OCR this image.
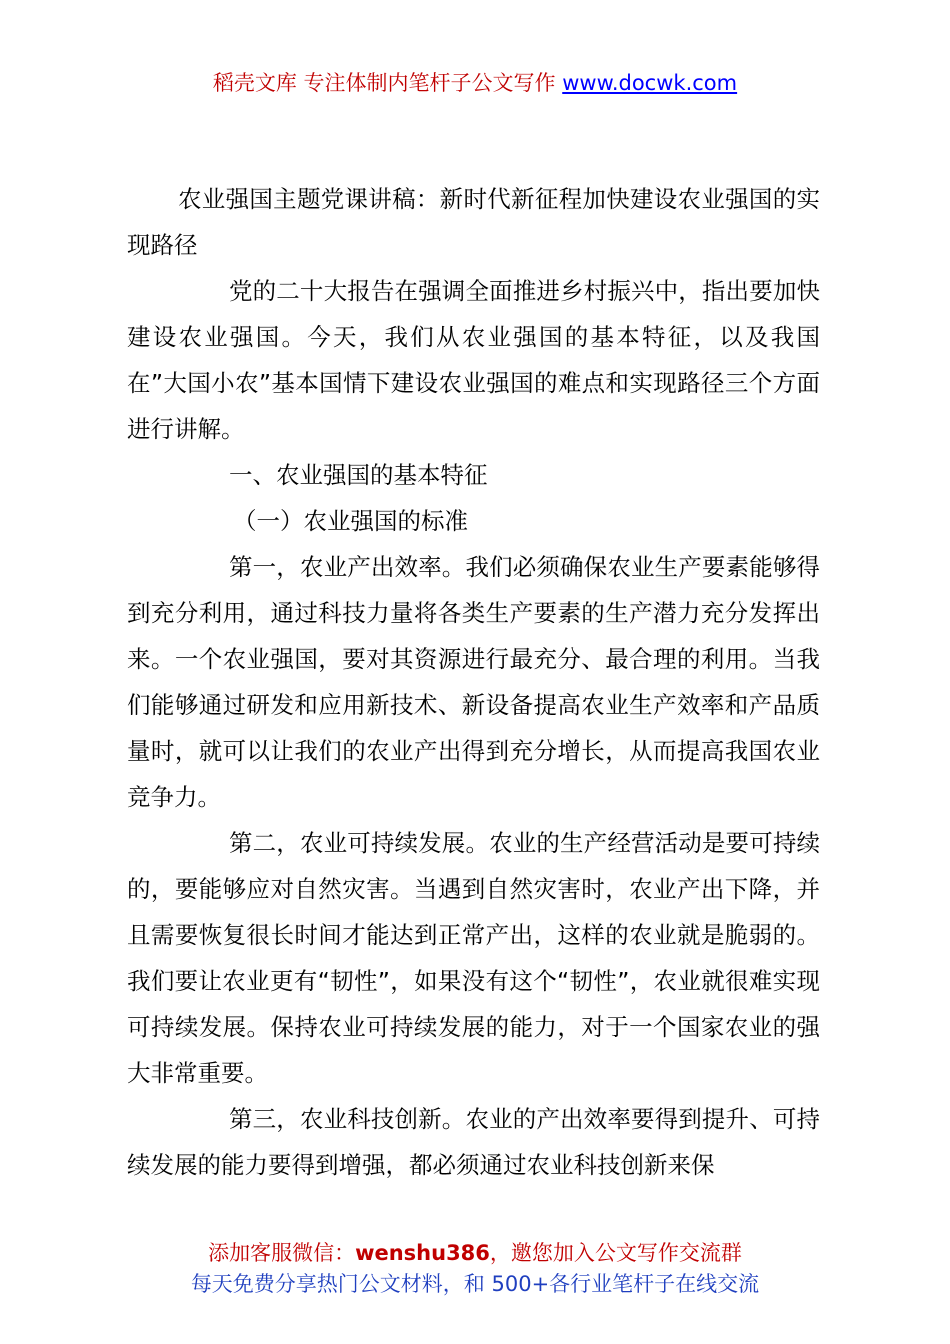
稻壳文库 专注体制内笔杆子公文写作 www.docwk.com

农业强国主题党课讲稿：新时代新征程加快建设农业强国的实现路径

党的二十大报告在强调全面推进乡村振兴中，指出要加快建设农业强国。今天，我们从农业强国的基本特征，以及我国在”大国小农”基本国情下建设农业强国的难点和实现路径三个方面进行讲解。

一、农业强国的基本特征

（一）农业强国的标准

第一，农业产出效率。我们必须确保农业生产要素能够得到充分利用，通过科技力量将各类生产要素的生产潜力充分发挥出来。一个农业强国，要对其资源进行最充分、最合理的利用。当我们能够通过研发和应用新技术、新设备提高农业生产效率和产品质量时，就可以让我们的农业产出得到充分增长，从而提高我国农业竞争力。

第二，农业可持续发展。农业的生产经营活动是要可持续的，要能够应对自然灾害。当遇到自然灾害时，农业产出下降，并且需要恢复很长时间才能达到正常产出，这样的农业就是脆弱的。我们要让农业更有“韧性”，如果没有这个“韧性”，农业就很难实现可持续发展。保持农业可持续发展的能力，对于一个国家农业的强大非常重要。

第三，农业科技创新。农业的产出效率要得到提升、可持续发展的能力要得到增强，都必须通过农业科技创新来保

添加客服微信：wenshu386，邀您加入公文写作交流群
每天免费分享热门公文材料，和 500+各行业笔杆子在线交流
